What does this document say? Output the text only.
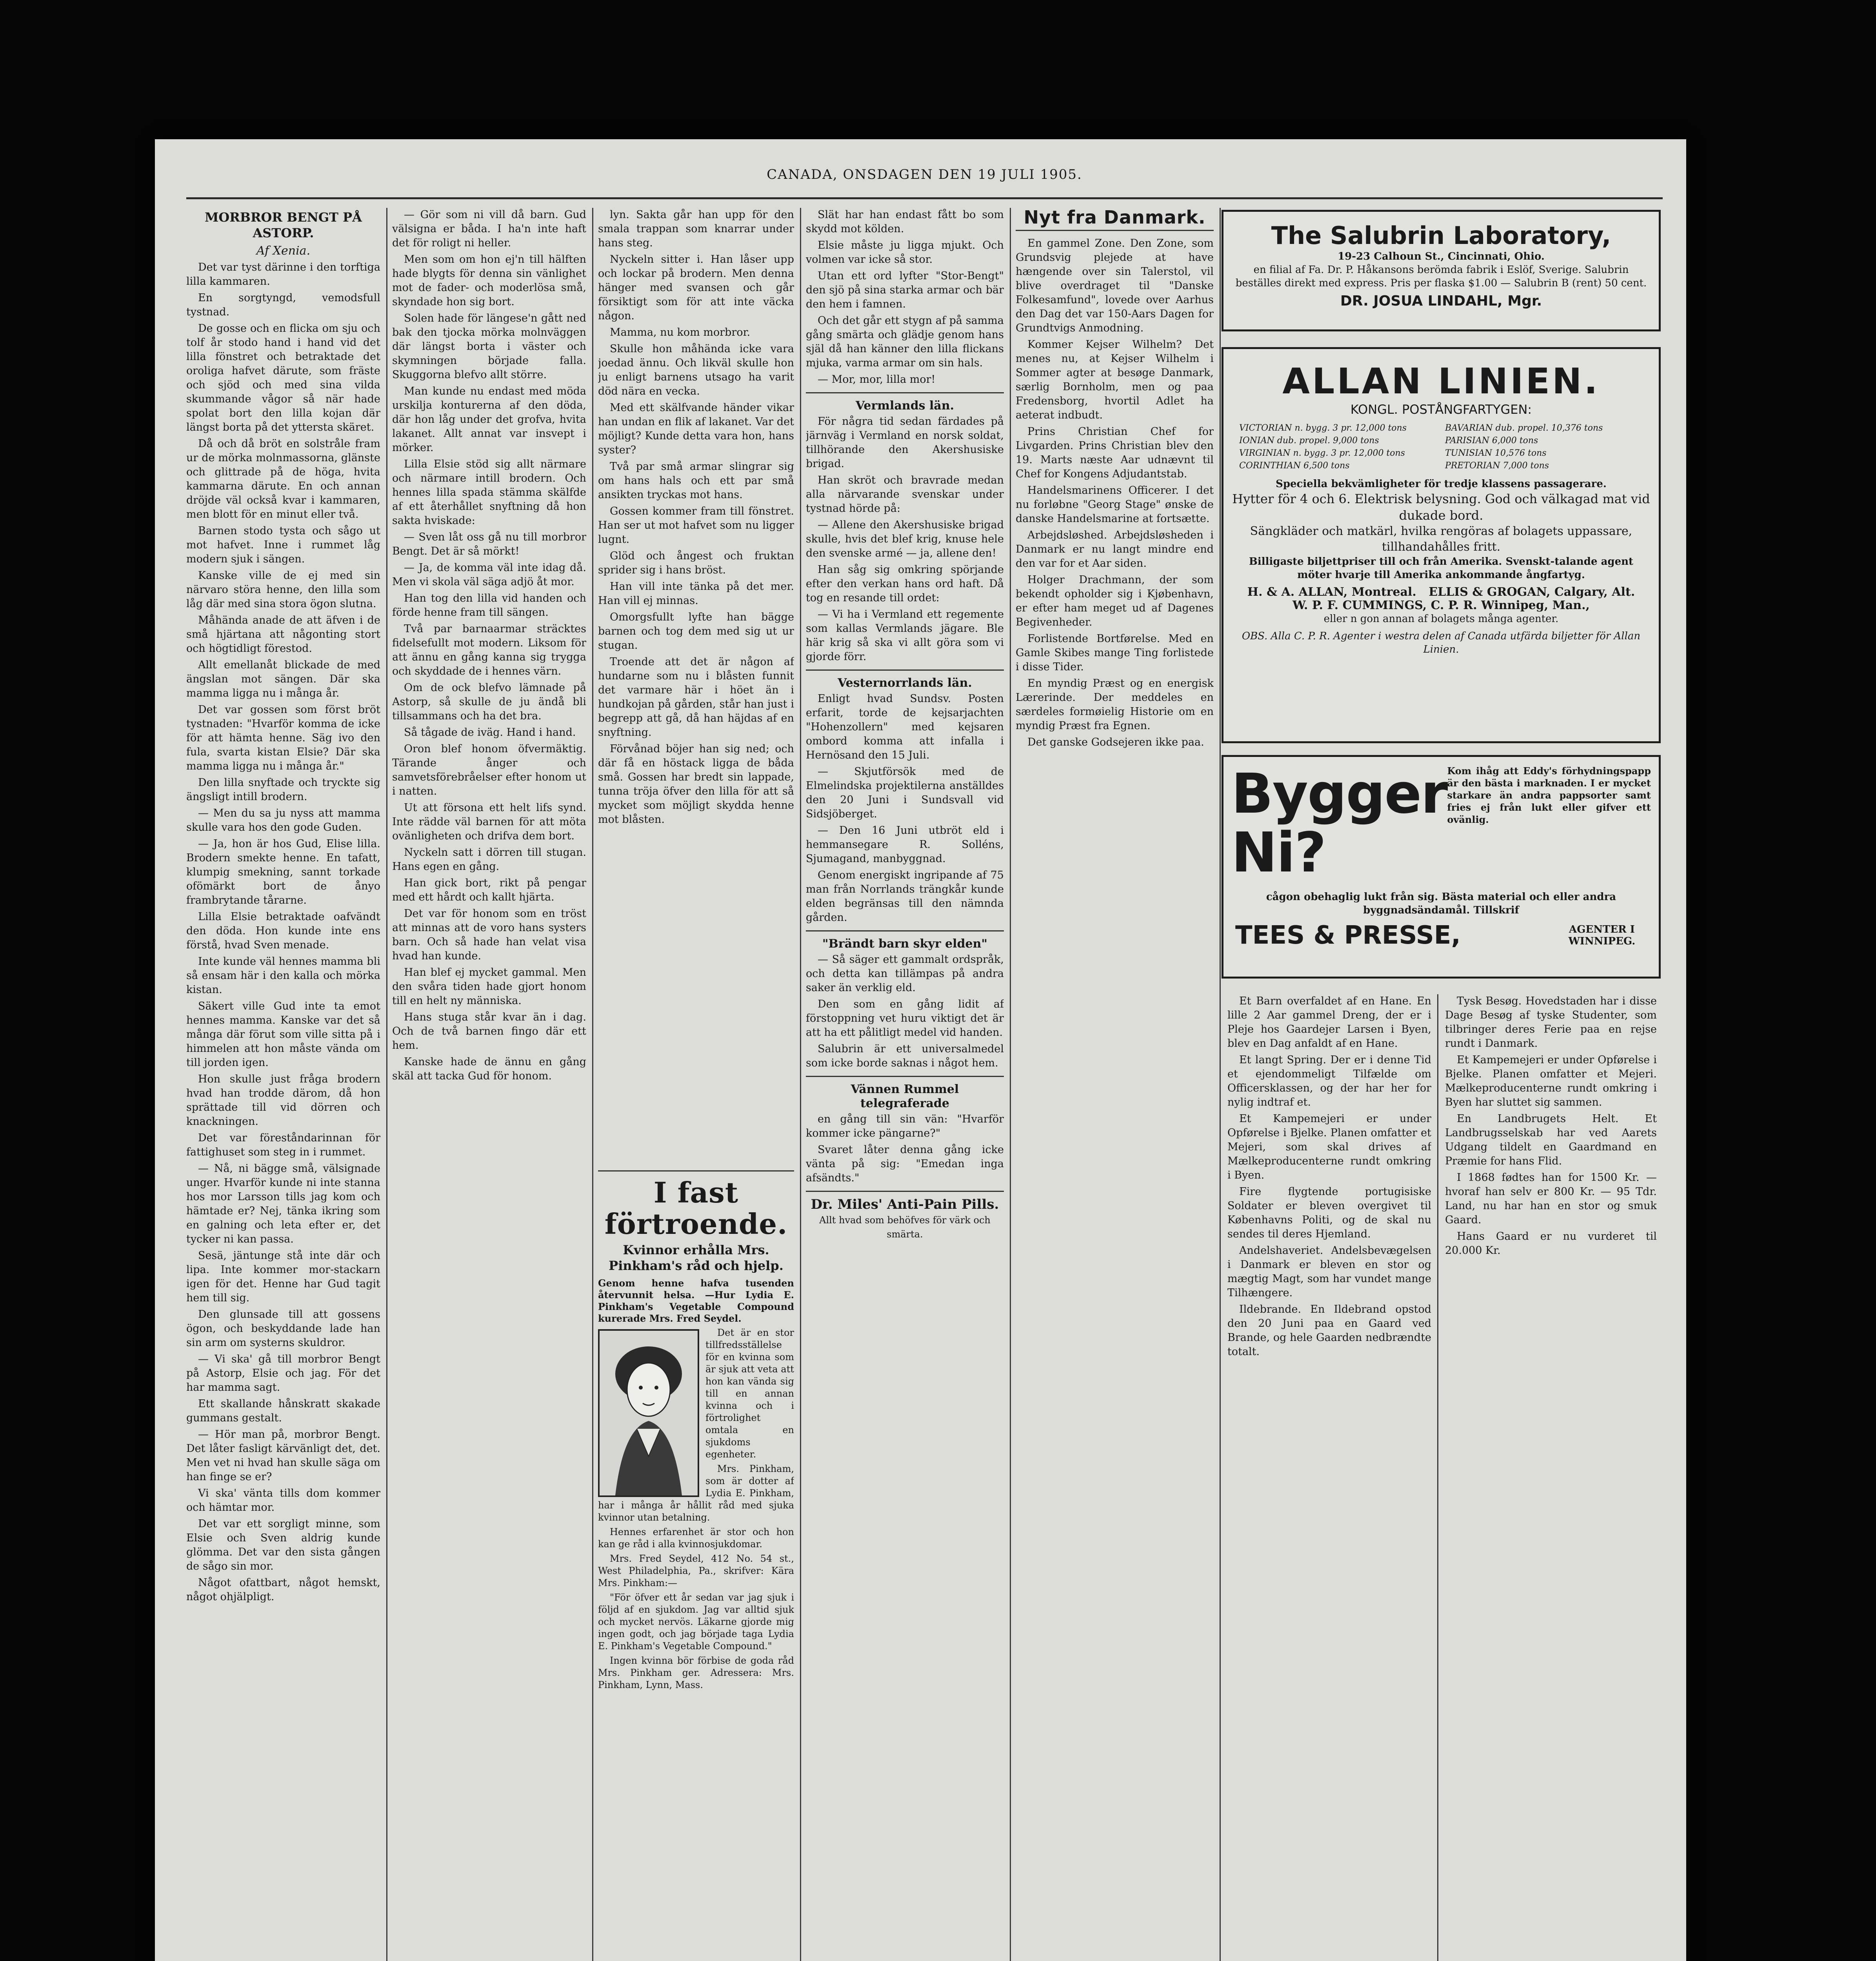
CANADA, ONSDAGEN DEN 19 JULI 1905.
MORBROR BENGT PÅ ASTORP.
Af Xenia.

Det var tyst därinne i den torftiga lilla kammaren.

En sorgtyngd, vemodsfull tystnad.

De gosse och en flicka om sju och tolf år stodo hand i hand vid det lilla fönstret och betraktade det oroliga hafvet därute, som fräste och sjöd och med sina vilda skummande vågor så när hade spolat bort den lilla kojan där längst borta på det yttersta skäret.

Då och då bröt en solstråle fram ur de mörka molnmassorna, glänste och glittrade på de höga, hvita kammarna därute. En och annan dröjde väl också kvar i kammaren, men blott för en minut eller två.

Barnen stodo tysta och sågo ut mot hafvet. Inne i rummet låg modern sjuk i sängen.

Kanske ville de ej med sin närvaro störa henne, den lilla som låg där med sina stora ögon slutna.

Måhända anade de att äfven i de små hjärtana att någonting stort och högtidligt förestod.

Allt emellanåt blickade de med ängslan mot sängen. Där ska mamma ligga nu i många år.

Det var gossen som först bröt tystnaden: "Hvarför komma de icke för att hämta henne. Säg ivo den fula, svarta kistan Elsie? Där ska mamma ligga nu i många år."

Den lilla snyftade och tryckte sig ängsligt intill brodern.

— Men du sa ju nyss att mamma skulle vara hos den gode Guden.

— Ja, hon är hos Gud, Elise lilla. Brodern smekte henne. En tafatt, klumpig smekning, sannt torkade ofömärkt bort de ånyo frambrytande tårarne.

Lilla Elsie betraktade oafvändt den döda. Hon kunde inte ens förstå, hvad Sven menade.

Inte kunde väl hennes mamma bli så ensam här i den kalla och mörka kistan.

Säkert ville Gud inte ta emot hennes mamma. Kanske var det så många där förut som ville sitta på i himmelen att hon måste vända om till jorden igen.

Hon skulle just fråga brodern hvad han trodde därom, då hon sprättade till vid dörren och knackningen.

Det var föreståndarinnan för fattighuset som steg in i rummet.

— Nå, ni bägge små, välsignade unger. Hvarför kunde ni inte stanna hos mor Larsson tills jag kom och hämtade er? Nej, tänka ikring som en galning och leta efter er, det tycker ni kan passa.

Sesä, jäntunge stå inte där och lipa. Inte kommer mor-stackarn igen för det. Henne har Gud tagit hem till sig.

Den glunsade till att gossens ögon, och beskyddande lade han sin arm om systerns skuldror.

— Vi ska' gå till morbror Bengt på Astorp, Elsie och jag. För det har mamma sagt.

Ett skallande hånskratt skakade gummans gestalt.

— Hör man på, morbror Bengt. Det låter fasligt kärvänligt det, det. Men vet ni hvad han skulle säga om han finge se er?

Vi ska' vänta tills dom kommer och hämtar mor.

Det var ett sorgligt minne, som Elsie och Sven aldrig kunde glömma. Det var den sista gången de sågo sin mor.

Något ofattbart, något hemskt, något ohjälpligt.

— Gör som ni vill då barn. Gud välsigna er båda. I ha'n inte haft det för roligt ni heller.

Men som om hon ej'n till hälften hade blygts för denna sin vänlighet mot de fader- och moderlösa små, skyndade hon sig bort.

Solen hade för längese'n gått ned bak den tjocka mörka molnväggen där längst borta i väster och skymningen började falla. Skuggorna blefvo allt större.

Man kunde nu endast med möda urskilja konturerna af den döda, där hon låg under det grofva, hvita lakanet. Allt annat var insvept i mörker.

Lilla Elsie stöd sig allt närmare och närmare intill brodern. Och hennes lilla spada stämma skälfde af ett återhållet snyftning då hon sakta hviskade:

— Sven låt oss gå nu till morbror Bengt. Det är så mörkt!

— Ja, de komma väl inte idag då. Men vi skola väl säga adjö åt mor.

Han tog den lilla vid handen och förde henne fram till sängen.

Två par barnaarmar sträcktes fidelsefullt mot modern. Liksom för att ännu en gång kanna sig trygga och skyddade de i hennes värn.

Om de ock blefvo lämnade på Astorp, så skulle de ju ändå bli tillsammans och ha det bra.

Så tågade de iväg. Hand i hand.

Oron blef honom öfvermäktig. Tärande ånger och samvetsförebråelser efter honom ut i natten.

Ut att försona ett helt lifs synd. Inte rädde väl barnen för att möta ovänligheten och drifva dem bort.

Nyckeln satt i dörren till stugan. Hans egen en gång.

Han gick bort, rikt på pengar med ett hårdt och kallt hjärta.

Det var för honom som en tröst att minnas att de voro hans systers barn. Och så hade han velat visa hvad han kunde.

Han blef ej mycket gammal. Men den svåra tiden hade gjort honom till en helt ny människa.

Hans stuga står kvar än i dag. Och de två barnen fingo där ett hem.

Kanske hade de ännu en gång skäl att tacka Gud för honom.

lyn. Sakta går han upp för den smala trappan som knarrar under hans steg.

Nyckeln sitter i. Han låser upp och lockar på brodern. Men denna hänger med svansen och går försiktigt som för att inte väcka någon.

Mamma, nu kom morbror.

Skulle hon måhända icke vara joedad ännu. Och likväl skulle hon ju enligt barnens utsago ha varit död nära en vecka.

Med ett skälfvande händer vikar han undan en flik af lakanet. Var det möjligt? Kunde detta vara hon, hans syster?

Två par små armar slingrar sig om hans hals och ett par små ansikten tryckas mot hans.

Gossen kommer fram till fönstret. Han ser ut mot hafvet som nu ligger lugnt.

Glöd och ångest och fruktan sprider sig i hans bröst.

Han vill inte tänka på det mer. Han vill ej minnas.

Omorgsfullt lyfte han bägge barnen och tog dem med sig ut ur stugan.

Troende att det är någon af hundarne som nu i blåsten funnit det varmare här i höet än i hundkojan på gården, står han just i begrepp att gå, då han häjdas af en snyftning.

Förvånad böjer han sig ned; och där få en höstack ligga de båda små. Gossen har bredt sin lappade, tunna tröja öfver den lilla för att så mycket som möjligt skydda henne mot blåsten.

I fast förtroende.
Kvinnor erhålla Mrs. Pinkham's råd och hjelp.

Genom henne hafva tusenden återvunnit helsa. —Hur Lydia E. Pinkham's Vegetable Compound kurerade Mrs. Fred Seydel.

Det är en stor tillfredsställelse för en kvinna som är sjuk att veta att hon kan vända sig till en annan kvinna och i förtrolighet omtala en sjukdoms egenheter.

Mrs. Pinkham, som är dotter af Lydia E. Pinkham, har i många år hållit råd med sjuka kvinnor utan betalning.

Hennes erfarenhet är stor och hon kan ge råd i alla kvinnosjukdomar.

Mrs. Fred Seydel, 412 No. 54 st., West Philadelphia, Pa., skrifver: Kära Mrs. Pinkham:—

"För öfver ett år sedan var jag sjuk i följd af en sjukdom. Jag var alltid sjuk och mycket nervös. Läkarne gjorde mig ingen godt, och jag började taga Lydia E. Pinkham's Vegetable Compound."

Ingen kvinna bör förbise de goda råd Mrs. Pinkham ger. Adressera: Mrs. Pinkham, Lynn, Mass.

Slät har han endast fått bo som skydd mot kölden.

Elsie måste ju ligga mjukt. Och volmen var icke så stor.

Utan ett ord lyfter "Stor-Bengt" den sjö på sina starka armar och bär den hem i famnen.

Och det går ett stygn af på samma gång smärta och glädje genom hans själ då han känner den lilla flickans mjuka, varma armar om sin hals.

— Mor, mor, lilla mor!

Vermlands län.

För några tid sedan färdades på järnväg i Vermland en norsk soldat, tillhörande den Akershusiske brigad.

Han skröt och bravrade medan alla närvarande svenskar under tystnad hörde på:

— Allene den Akershusiske brigad skulle, hvis det blef krig, knuse hele den svenske armé — ja, allene den!

Han såg sig omkring spörjande efter den verkan hans ord haft. Då tog en resande till ordet:

— Vi ha i Vermland ett regemente som kallas Vermlands jägare. Ble här krig så ska vi allt göra som vi gjorde förr.

Vesternorrlands län.

Enligt hvad Sundsv. Posten erfarit, torde de kejsarjachten "Hohenzollern" med kejsaren ombord komma att infalla i Hernösand den 15 Juli.

— Skjutförsök med de Elmelindska projektilerna anställdes den 20 Juni i Sundsvall vid Sidsjöberget.

— Den 16 Juni utbröt eld i hemmansegare R. Solléns, Sjumagand, manbyggnad.

Genom energiskt ingripande af 75 man från Norrlands trängkår kunde elden begränsas till den nämnda gården.

"Brändt barn skyr elden"

— Så säger ett gammalt ordspråk, och detta kan tillämpas på andra saker än verklig eld.

Den som en gång lidit af förstoppning vet huru viktigt det är att ha ett pålitligt medel vid handen.

Salubrin är ett universalmedel som icke borde saknas i något hem.

Vännen Rummel telegraferade

en gång till sin vän: "Hvarför kommer icke pängarne?"

Svaret låter denna gång icke vänta på sig: "Emedan inga afsändts."

Dr. Miles' Anti-Pain Pills.

Allt hvad som behöfves för värk och smärta.

Nyt fra Danmark.

En gammel Zone. Den Zone, som Grundsvig plejede at have hængende over sin Talerstol, vil blive overdraget til "Danske Folkesamfund", lovede over Aarhus den Dag det var 150-Aars Dagen for Grundtvigs Anmodning.

Kommer Kejser Wilhelm? Det menes nu, at Kejser Wilhelm i Sommer agter at besøge Danmark, særlig Bornholm, men og paa Fredensborg, hvortil Adlet ha aeterat indbudt.

Prins Christian Chef for Livgarden. Prins Christian blev den 19. Marts næste Aar udnævnt til Chef for Kongens Adjudantstab.

Handelsmarinens Officerer. I det nu forløbne "Georg Stage" ønske de danske Handelsmarine at fortsætte.

Arbejdsløshed. Arbejdsløsheden i Danmark er nu langt mindre end den var for et Aar siden.

Holger Drachmann, der som bekendt opholder sig i Kjøbenhavn, er efter ham meget ud af Dagenes Begivenheder.

Forlistende Bortførelse. Med en Gamle Skibes mange Ting forlistede i disse Tider.

En myndig Præst og en energisk Lærerinde. Der meddeles en særdeles formøielig Historie om en myndig Præst fra Egnen.

Det ganske Godsejeren ikke paa.

The Salubrin Laboratory,
19-23 Calhoun St., Cincinnati, Ohio.
en filial af Fa. Dr. P. Håkansons berömda fabrik i Eslöf, Sverige. Salubrin beställes direkt med express. Pris per flaska $1.00 — Salubrin B (rent) 50 cent.
DR. JOSUA LINDAHL, Mgr.
ALLAN LINIEN.
KONGL. POSTÅNGFARTYGEN:
VICTORIAN n. bygg. 3 pr. 12,000 tons	BAVARIAN dub. propel. 10,376 tons
IONIAN dub. propel. 9,000 tons	PARISIAN 6,000 tons
VIRGINIAN n. bygg. 3 pr. 12,000 tons	TUNISIAN 10,576 tons
CORINTHIAN 6,500 tons	PRETORIAN 7,000 tons
Speciella bekvämligheter för tredje klassens passagerare.
Hytter för 4 och 6. Elektrisk belysning. God och välkagad mat vid dukade bord.
Sängkläder och matkärl, hvilka rengöras af bolagets uppassare, tillhandahålles fritt.
Billigaste biljettpriser till och från Amerika. Svenskt-talande agent möter hvarje till Amerika ankommande ångfartyg.
H. & A. ALLAN, Montreal. ELLIS & GROGAN, Calgary, Alt.
W. P. F. CUMMINGS, C. P. R. Winnipeg, Man.,
eller n gon annan af bolagets många agenter.
OBS. Alla C. P. R. Agenter i westra delen af Canada utfärda biljetter för Allan Linien.
Bygger Ni?
Kom ihåg att Eddy's förhydningspapp är den bästa i marknaden. I er mycket starkare än andra pappsorter samt fries ej från lukt eller gifver ett ovänlig.
cågon obehaglig lukt från sig. Bästa material och eller andra byggnadsändamål. Tillskrif
TEES & PRESSE,	AGENTER I WINNIPEG.

Et Barn overfaldet af en Hane. En lille 2 Aar gammel Dreng, der er i Pleje hos Gaardejer Larsen i Byen, blev en Dag anfaldt af en Hane.

Et langt Spring. Der er i denne Tid et ejendommeligt Tilfælde om Officersklassen, og der har her for nylig indtraf et.

Et Kampemejeri er under Opførelse i Bjelke. Planen omfatter et Mejeri, som skal drives af Mælkeproducenterne rundt omkring i Byen.

Fire flygtende portugisiske Soldater er bleven overgivet til Københavns Politi, og de skal nu sendes til deres Hjemland.

Andelshaveriet. Andelsbevægelsen i Danmark er bleven en stor og mægtig Magt, som har vundet mange Tilhængere.

Ildebrande. En Ildebrand opstod den 20 Juni paa en Gaard ved Brande, og hele Gaarden nedbrændte totalt.

Tysk Besøg. Hovedstaden har i disse Dage Besøg af tyske Studenter, som tilbringer deres Ferie paa en rejse rundt i Danmark.

Et Kampemejeri er under Opførelse i Bjelke. Planen omfatter et Mejeri. Mælkeproducenterne rundt omkring i Byen har sluttet sig sammen.

En Landbrugets Helt. Et Landbrugsselskab har ved Aarets Udgang tildelt en Gaardmand en Præmie for hans Flid.

I 1868 fødtes han for 1500 Kr. — hvoraf han selv er 800 Kr. — 95 Tdr. Land, nu har han en stor og smuk Gaard.

Hans Gaard er nu vurderet til 20.000 Kr.
